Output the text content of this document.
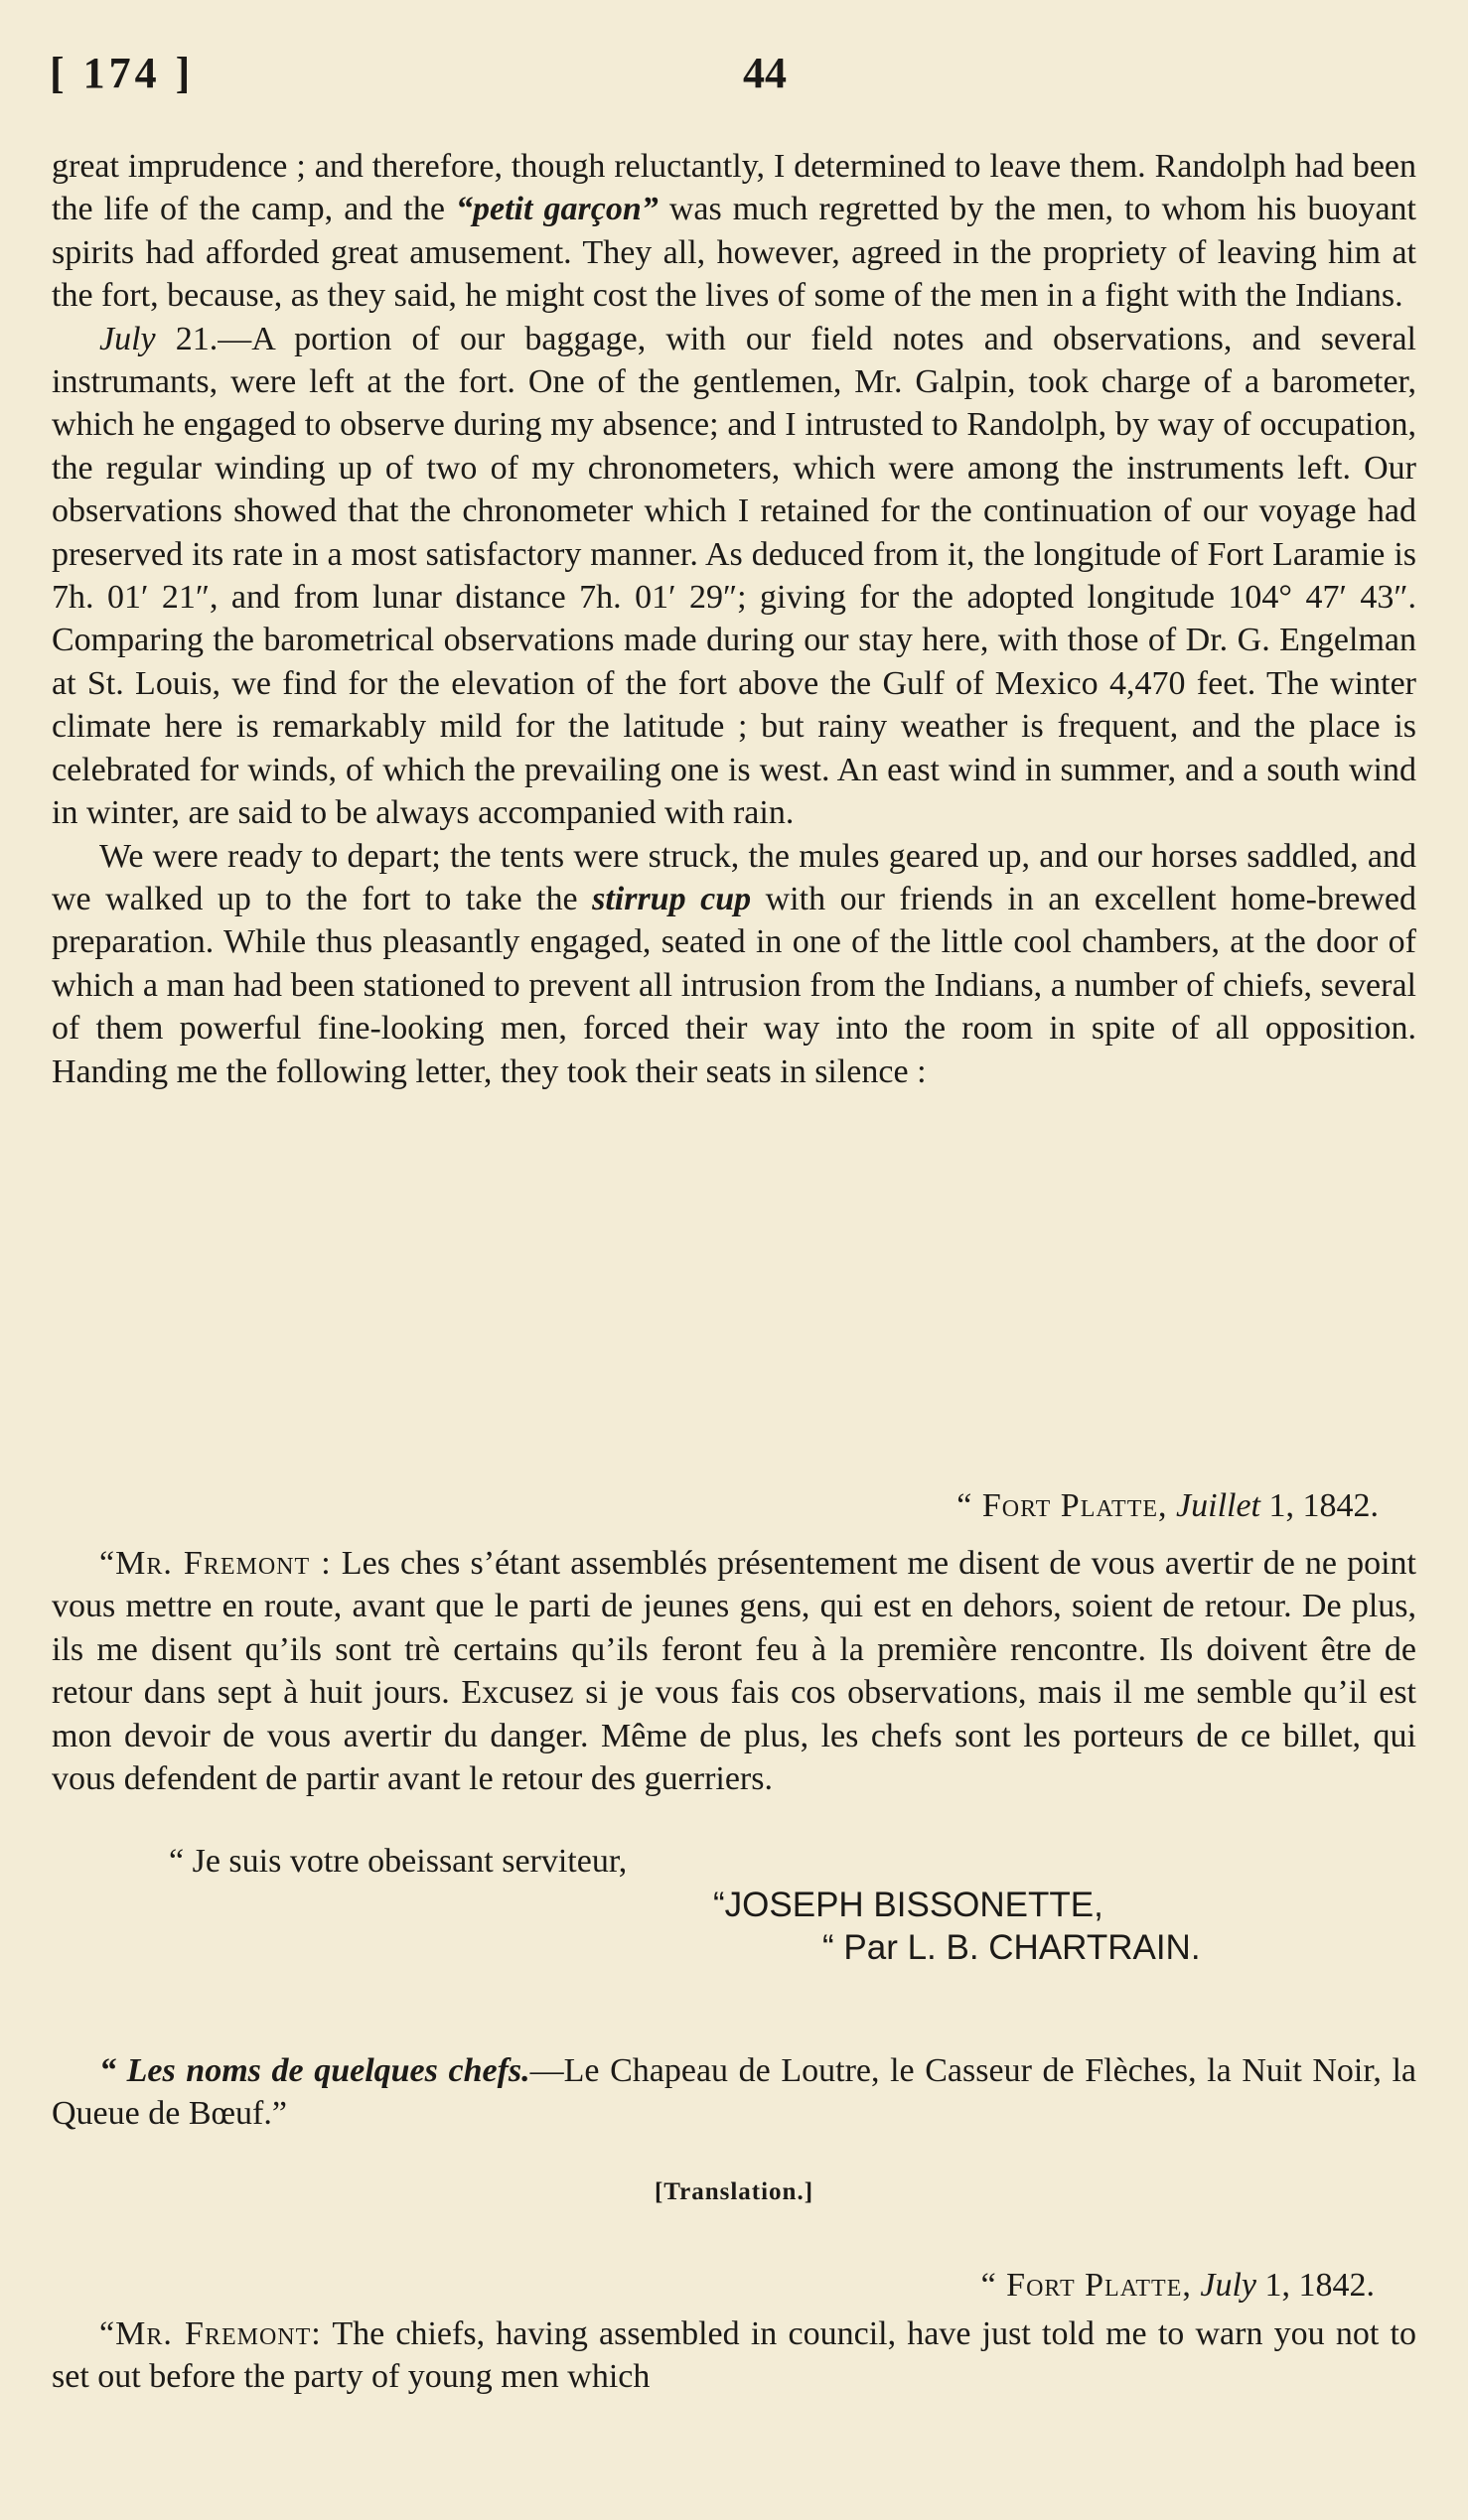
[ 174 ]	44

great imprudence ; and therefore, though reluctantly, I determined to leave them. Randolph had been the life of the camp, and the “petit garçon” was much regretted by the men, to whom his buoyant spirits had afforded great amusement. They all, however, agreed in the propriety of leaving him at the fort, because, as they said, he might cost the lives of some of the men in a fight with the Indians.

July 21.—A portion of our baggage, with our field notes and observations, and several instrumants, were left at the fort. One of the gentlemen, Mr. Galpin, took charge of a barometer, which he engaged to observe during my absence; and I intrusted to Randolph, by way of occupation, the regular winding up of two of my chronometers, which were among the instruments left. Our observations showed that the chronometer which I retained for the continuation of our voyage had preserved its rate in a most satisfactory manner. As deduced from it, the longitude of Fort Laramie is 7h. 01′ 21″, and from lunar distance 7h. 01′ 29″; giving for the adopted longitude 104° 47′ 43″. Comparing the barometrical observations made during our stay here, with those of Dr. G. Engelman at St. Louis, we find for the elevation of the fort above the Gulf of Mexico 4,470 feet. The winter climate here is remarkably mild for the latitude ; but rainy weather is frequent, and the place is celebrated for winds, of which the prevailing one is west. An east wind in summer, and a south wind in winter, are said to be always accompanied with rain.

We were ready to depart; the tents were struck, the mules geared up, and our horses saddled, and we walked up to the fort to take the stirrup cup with our friends in an excellent home-brewed preparation. While thus pleasantly engaged, seated in one of the little cool chambers, at the door of which a man had been stationed to prevent all intrusion from the Indians, a number of chiefs, several of them powerful fine-looking men, forced their way into the room in spite of all opposition. Handing me the following letter, they took their seats in silence :

“ Fort Platte, Juillet 1, 1842.

“Mr. Fremont : Les ches s’étant assemblés présentement me disent de vous avertir de ne point vous mettre en route, avant que le parti de jeunes gens, qui est en dehors, soient de retour. De plus, ils me disent qu’ils sont trè certains qu’ils feront feu à la première rencontre. Ils doivent être de retour dans sept à huit jours. Excusez si je vous fais cos observations, mais il me semble qu’il est mon devoir de vous avertir du danger. Même de plus, les chefs sont les porteurs de ce billet, qui vous defendent de partir avant le retour des guerriers.

“ Je suis votre obeissant serviteur,
“JOSEPH BISSONETTE,
“ Par L. B. CHARTRAIN.

“ Les noms de quelques chefs.—Le Chapeau de Loutre, le Casseur de Flèches, la Nuit Noir, la Queue de Bœuf.”

[Translation.]
“ Fort Platte, July 1, 1842.

“Mr. Fremont: The chiefs, having assembled in council, have just told me to warn you not to set out before the party of young men which
